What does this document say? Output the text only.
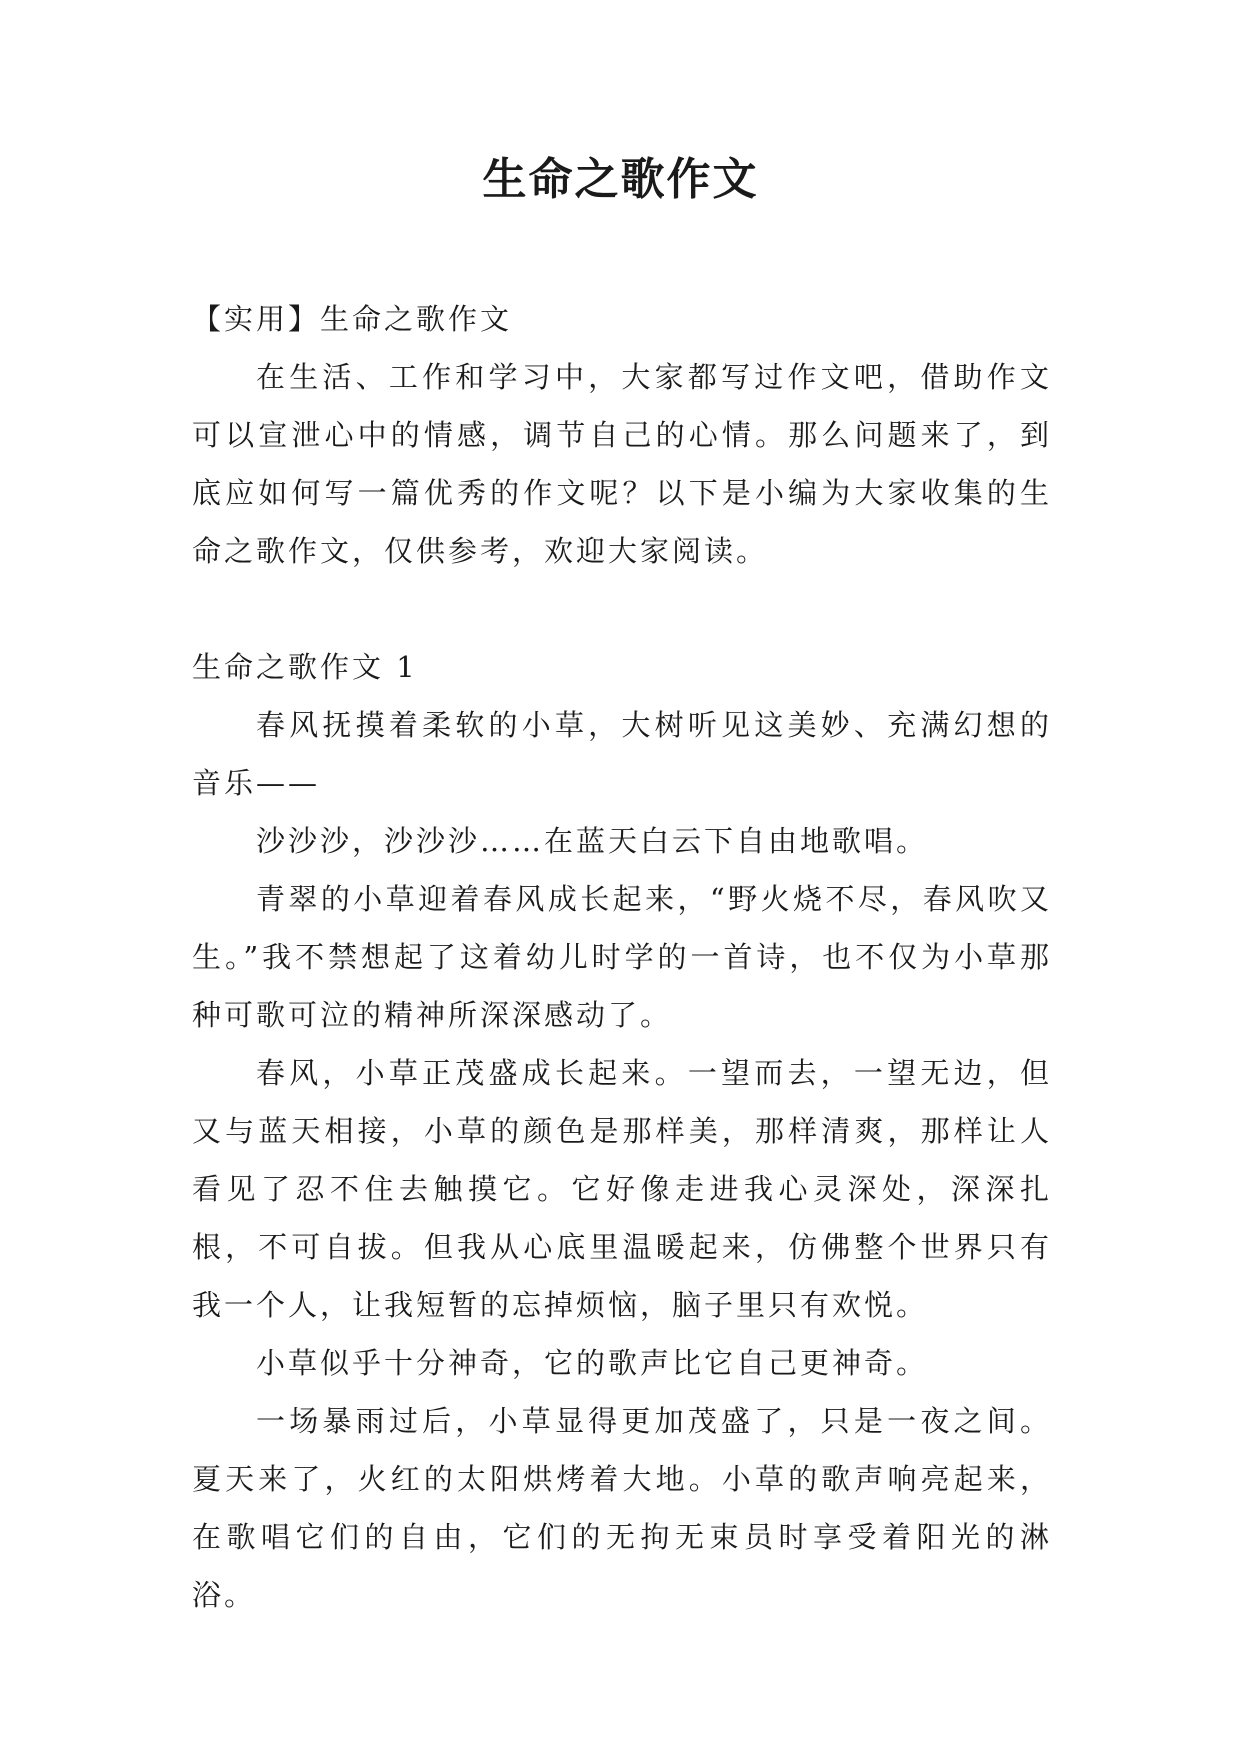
生命之歌作文

【实用】生命之歌作文

在生活、工作和学习中，大家都写过作文吧，借助作文可以宣泄心中的情感，调节自己的心情。那么问题来了，到底应如何写一篇优秀的作文呢？以下是小编为大家收集的生命之歌作文，仅供参考，欢迎大家阅读。

生命之歌作文 1

春风抚摸着柔软的小草，大树听见这美妙、充满幻想的音乐——

沙沙沙，沙沙沙……在蓝天白云下自由地歌唱。

青翠的小草迎着春风成长起来，“野火烧不尽，春风吹又生。”我不禁想起了这着幼儿时学的一首诗，也不仅为小草那种可歌可泣的精神所深深感动了。

春风，小草正茂盛成长起来。一望而去，一望无边，但又与蓝天相接，小草的颜色是那样美，那样清爽，那样让人看见了忍不住去触摸它。它好像走进我心灵深处，深深扎根，不可自拔。但我从心底里温暖起来，仿佛整个世界只有我一个人，让我短暂的忘掉烦恼，脑子里只有欢悦。

小草似乎十分神奇，它的歌声比它自己更神奇。

一场暴雨过后，小草显得更加茂盛了，只是一夜之间。夏天来了，火红的太阳烘烤着大地。小草的歌声响亮起来，在歌唱它们的自由，它们的无拘无束员时享受着阳光的淋浴。
